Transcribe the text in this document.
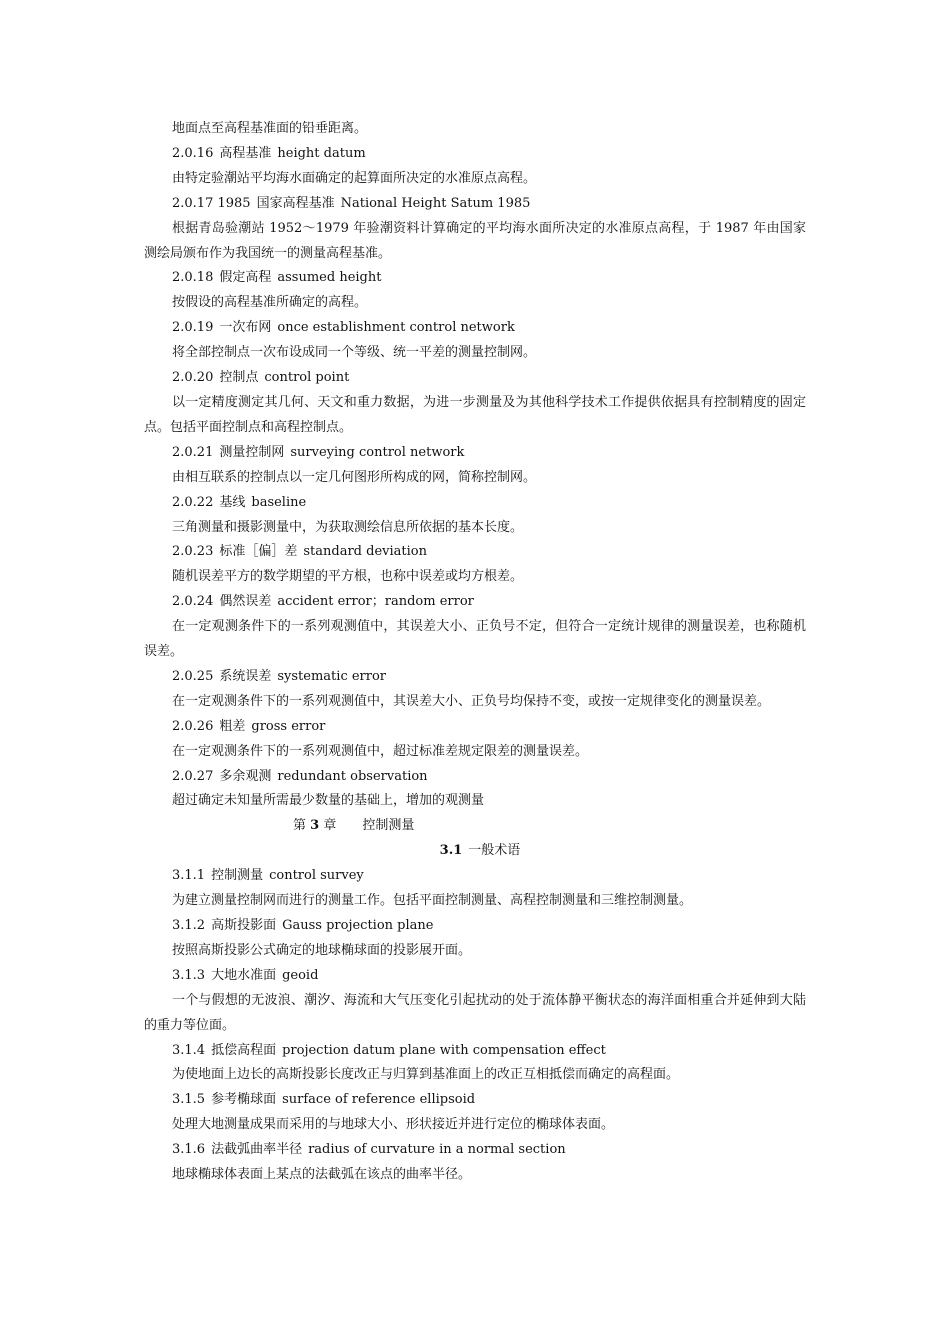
地面点至高程基准面的铅垂距离。
2.0.16 高程基准 height datum
由特定验潮站平均海水面确定的起算面所决定的水准原点高程。
2.0.17 1985 国家高程基准 National Height Satum 1985
根据青岛验潮站 1952～1979 年验潮资料计算确定的平均海水面所决定的水准原点高程，于 1987 年由国家测绘局颁布作为我国统一的测量高程基准。
2.0.18 假定高程 assumed height
按假设的高程基准所确定的高程。
2.0.19 一次布网 once establishment control network
将全部控制点一次布设成同一个等级、统一平差的测量控制网。
2.0.20 控制点 control point
以一定精度测定其几何、天文和重力数据，为进一步测量及为其他科学技术工作提供依据具有控制精度的固定点。包括平面控制点和高程控制点。
2.0.21 测量控制网 surveying control network
由相互联系的控制点以一定几何图形所构成的网，简称控制网。
2.0.22 基线 baseline
三角测量和摄影测量中，为获取测绘信息所依据的基本长度。
2.0.23 标准［偏］差 standard deviation
随机误差平方的数学期望的平方根，也称中误差或均方根差。
2.0.24 偶然误差 accident error；random error
在一定观测条件下的一系列观测值中，其误差大小、正负号不定，但符合一定统计规律的测量误差，也称随机误差。
2.0.25 系统误差 systematic error
在一定观测条件下的一系列观测值中，其误差大小、正负号均保持不变，或按一定规律变化的测量误差。
2.0.26 粗差 gross error
在一定观测条件下的一系列观测值中，超过标准差规定限差的测量误差。
2.0.27 多余观测 redundant observation
超过确定未知量所需最少数量的基础上，增加的观测量
第 3 章 控制测量
3.1 一般术语
3.1.1 控制测量 control survey
为建立测量控制网而进行的测量工作。包括平面控制测量、高程控制测量和三维控制测量。
3.1.2 高斯投影面 Gauss projection plane
按照高斯投影公式确定的地球椭球面的投影展开面。
3.1.3 大地水准面 geoid
一个与假想的无波浪、潮汐、海流和大气压变化引起扰动的处于流体静平衡状态的海洋面相重合并延伸到大陆的重力等位面。
3.1.4 抵偿高程面 projection datum plane with compensation effect
为使地面上边长的高斯投影长度改正与归算到基准面上的改正互相抵偿而确定的高程面。
3.1.5 参考椭球面 surface of reference ellipsoid
处理大地测量成果而采用的与地球大小、形状接近并进行定位的椭球体表面。
3.1.6 法截弧曲率半径 radius of curvature in a normal section
地球椭球体表面上某点的法截弧在该点的曲率半径。
